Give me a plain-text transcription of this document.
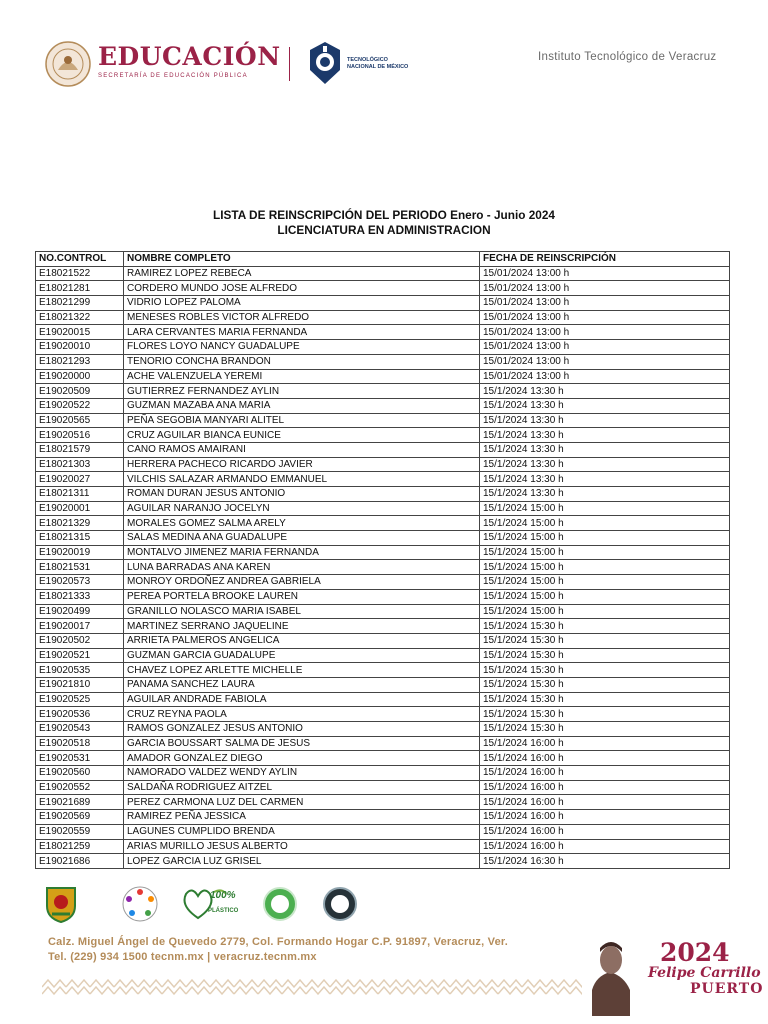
EDUCACIÓN
SECRETARÍA DE EDUCACIÓN PÚBLICA
TECNOLÓGICO
NACIONAL DE MÉXICO
Instituto Tecnológico de Veracruz
LISTA DE REINSCRIPCIÓN DEL PERIODO Enero - Junio 2024
LICENCIATURA EN ADMINISTRACION
NO.CONTROL	NOMBRE COMPLETO	FECHA DE REINSCRIPCIÓN
E18021522	RAMIREZ LOPEZ REBECA	15/01/2024 13:00 h
E18021281	CORDERO MUNDO JOSE ALFREDO	15/01/2024 13:00 h
E18021299	VIDRIO LOPEZ PALOMA	15/01/2024 13:00 h
E18021322	MENESES ROBLES VICTOR ALFREDO	15/01/2024 13:00 h
E19020015	LARA CERVANTES MARIA FERNANDA	15/01/2024 13:00 h
E19020010	FLORES LOYO NANCY GUADALUPE	15/01/2024 13:00 h
E18021293	TENORIO CONCHA BRANDON	15/01/2024 13:00 h
E19020000	ACHE VALENZUELA YEREMI	15/01/2024 13:00 h
E19020509	GUTIERREZ FERNANDEZ AYLIN	15/1/2024 13:30 h
E19020522	GUZMAN MAZABA ANA MARIA	15/1/2024 13:30 h
E19020565	PEÑA SEGOBIA MANYARI ALITEL	15/1/2024 13:30 h
E19020516	CRUZ AGUILAR BIANCA EUNICE	15/1/2024 13:30 h
E18021579	CANO RAMOS AMAIRANI	15/1/2024 13:30 h
E18021303	HERRERA PACHECO RICARDO JAVIER	15/1/2024 13:30 h
E19020027	VILCHIS SALAZAR ARMANDO EMMANUEL	15/1/2024 13:30 h
E18021311	ROMAN DURAN JESUS ANTONIO	15/1/2024 13:30 h
E19020001	AGUILAR NARANJO JOCELYN	15/1/2024 15:00 h
E18021329	MORALES GOMEZ SALMA ARELY	15/1/2024 15:00 h
E18021315	SALAS MEDINA ANA GUADALUPE	15/1/2024 15:00 h
E19020019	MONTALVO JIMENEZ MARIA FERNANDA	15/1/2024 15:00 h
E18021531	LUNA BARRADAS ANA KAREN	15/1/2024 15:00 h
E19020573	MONROY ORDOÑEZ ANDREA GABRIELA	15/1/2024 15:00 h
E18021333	PEREA PORTELA BROOKE LAUREN	15/1/2024 15:00 h
E19020499	GRANILLO NOLASCO MARIA ISABEL	15/1/2024 15:00 h
E19020017	MARTINEZ SERRANO JAQUELINE	15/1/2024 15:30 h
E19020502	ARRIETA PALMEROS ANGELICA	15/1/2024 15:30 h
E19020521	GUZMAN GARCIA GUADALUPE	15/1/2024 15:30 h
E19020535	CHAVEZ LOPEZ ARLETTE MICHELLE	15/1/2024 15:30 h
E19021810	PANAMA SANCHEZ LAURA	15/1/2024 15:30 h
E19020525	AGUILAR ANDRADE FABIOLA	15/1/2024 15:30 h
E19020536	CRUZ REYNA PAOLA	15/1/2024 15:30 h
E19020543	RAMOS GONZALEZ JESUS ANTONIO	15/1/2024 15:30 h
E19020518	GARCIA BOUSSART SALMA DE JESUS	15/1/2024 16:00 h
E19020531	AMADOR GONZALEZ DIEGO	15/1/2024 16:00 h
E19020560	NAMORADO VALDEZ WENDY AYLIN	15/1/2024 16:00 h
E19020552	SALDAÑA RODRIGUEZ AITZEL	15/1/2024 16:00 h
E19021689	PEREZ CARMONA LUZ DEL CARMEN	15/1/2024 16:00 h
E19020569	RAMIREZ PEÑA JESSICA	15/1/2024 16:00 h
E19020559	LAGUNES CUMPLIDO BRENDA	15/1/2024 16:00 h
E18021259	ARIAS MURILLO JESUS ALBERTO	15/1/2024 16:00 h
E19021686	LOPEZ GARCIA LUZ GRISEL	15/1/2024 16:30 h
100%
PLÁSTICO
Calz. Miguel Ángel de Quevedo 2779, Col. Formando Hogar C.P. 91897, Veracruz, Ver.
Tel. (229) 934 1500 tecnm.mx | veracruz.tecnm.mx	2024
Felipe Carrillo
PUERTO
